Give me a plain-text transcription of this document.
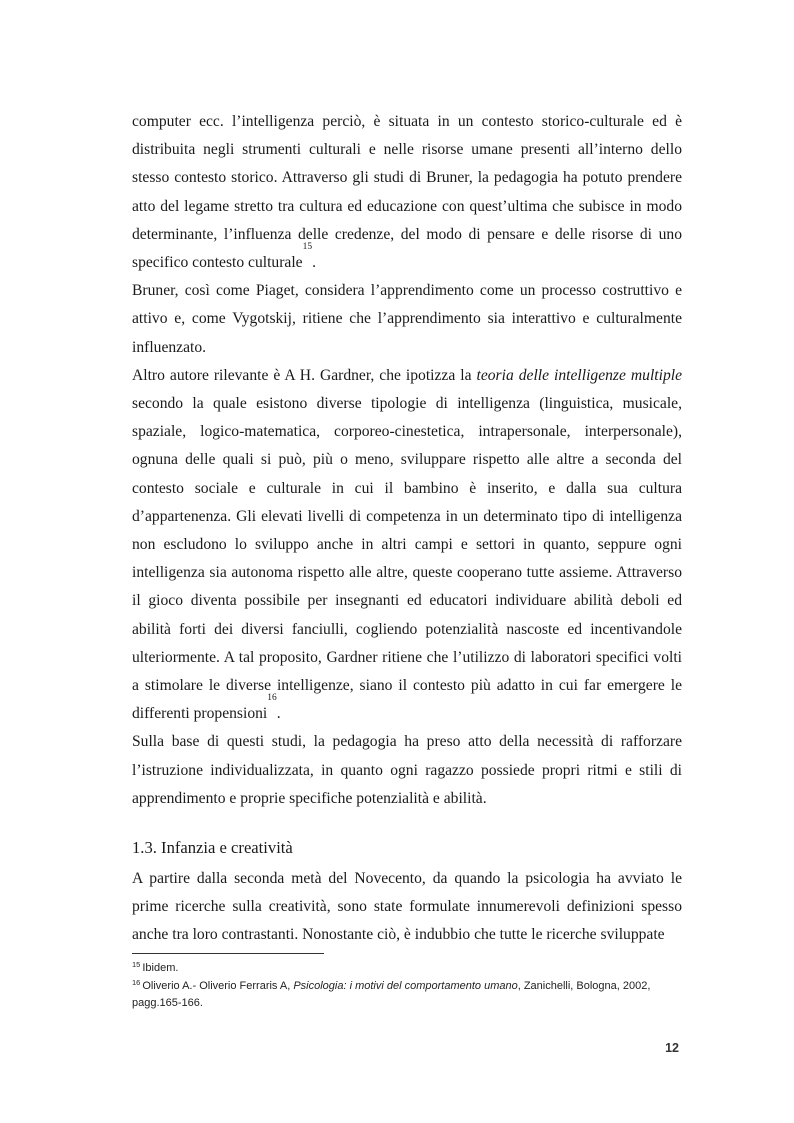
computer ecc. l’intelligenza perciò, è situata in un contesto storico-culturale ed è distribuita negli strumenti culturali e nelle risorse umane presenti all’interno dello stesso contesto storico. Attraverso gli studi di Bruner, la pedagogia ha potuto prendere atto del legame stretto tra cultura ed educazione con quest’ultima che subisce in modo determinante, l’influenza delle credenze, del modo di pensare e delle risorse di uno specifico contesto culturale$^{15}$.

Bruner, così come Piaget, considera l’apprendimento come un processo costruttivo e attivo e, come Vygotskij, ritiene che l’apprendimento sia interattivo e culturalmente influenzato.

Altro autore rilevante è A H. Gardner, che ipotizza la teoria delle intelligenze multiple secondo la quale esistono diverse tipologie di intelligenza (linguistica, musicale, spaziale, logico-matematica, corporeo-cinestetica, intrapersonale, interpersonale), ognuna delle quali si può, più o meno, sviluppare rispetto alle altre a seconda del contesto sociale e culturale in cui il bambino è inserito, e dalla sua cultura d’appartenenza. Gli elevati livelli di competenza in un determinato tipo di intelligenza non escludono lo sviluppo anche in altri campi e settori in quanto, seppure ogni intelligenza sia autonoma rispetto alle altre, queste cooperano tutte assieme. Attraverso il gioco diventa possibile per insegnanti ed educatori individuare abilità deboli ed abilità forti dei diversi fanciulli, cogliendo potenzialità nascoste ed incentivandole ulteriormente. A tal proposito, Gardner ritiene che l’utilizzo di laboratori specifici volti a stimolare le diverse intelligenze, siano il contesto più adatto in cui far emergere le differenti propensioni$^{16}$.

Sulla base di questi studi, la pedagogia ha preso atto della necessità di rafforzare l’istruzione individualizzata, in quanto ogni ragazzo possiede propri ritmi e stili di apprendimento e proprie specifiche potenzialità e abilità.

1.3. Infanzia e creatività

A partire dalla seconda metà del Novecento, da quando la psicologia ha avviato le prime ricerche sulla creatività, sono state formulate innumerevoli definizioni spesso anche tra loro contrastanti. Nonostante ciò, è indubbio che tutte le ricerche sviluppate

$^{15}$ Ibidem.
$^{16}$ Oliverio A.- Oliverio Ferraris A, Psicologia: i motivi del comportamento umano, Zanichelli, Bologna, 2002, pagg.165-166.
12
